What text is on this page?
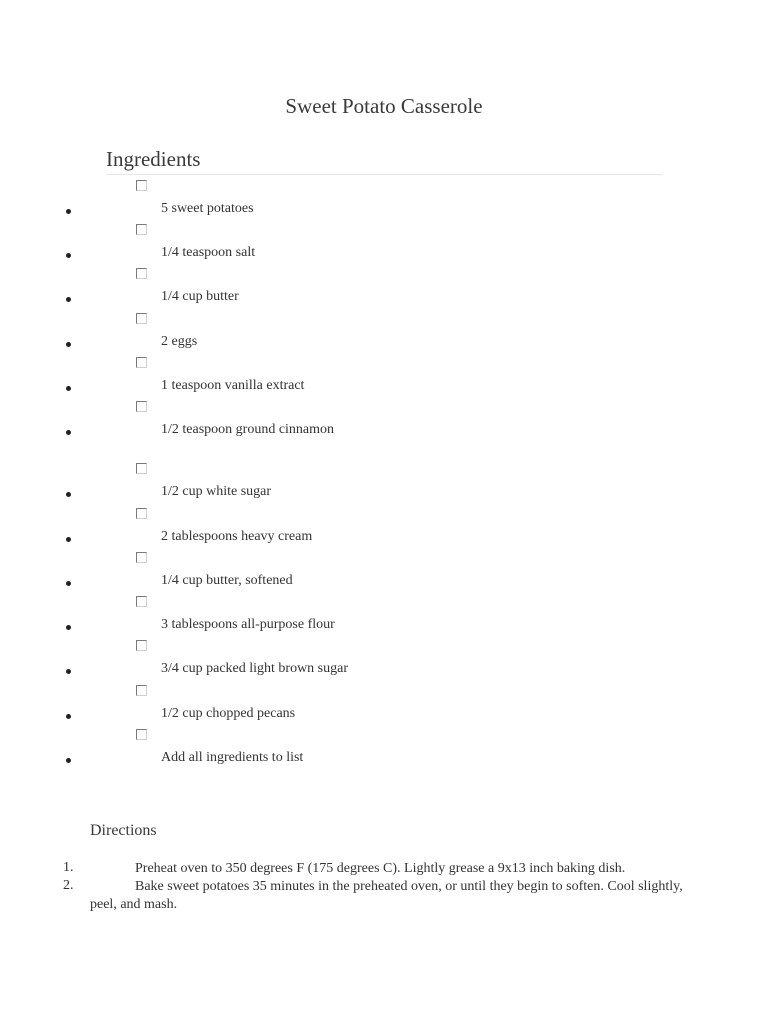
Sweet Potato Casserole
Ingredients
5 sweet potatoes
1/4 teaspoon salt
1/4 cup butter
2 eggs
1 teaspoon vanilla extract
1/2 teaspoon ground cinnamon
1/2 cup white sugar
2 tablespoons heavy cream
1/4 cup butter, softened
3 tablespoons all-purpose flour
3/4 cup packed light brown sugar
1/2 cup chopped pecans
Add all ingredients to list
Directions
1.	Preheat oven to 350 degrees F (175 degrees C). Lightly grease a 9x13 inch baking dish.
2.	Bake sweet potatoes 35 minutes in the preheated oven, or until they begin to soften. Cool slightly, peel, and mash.
